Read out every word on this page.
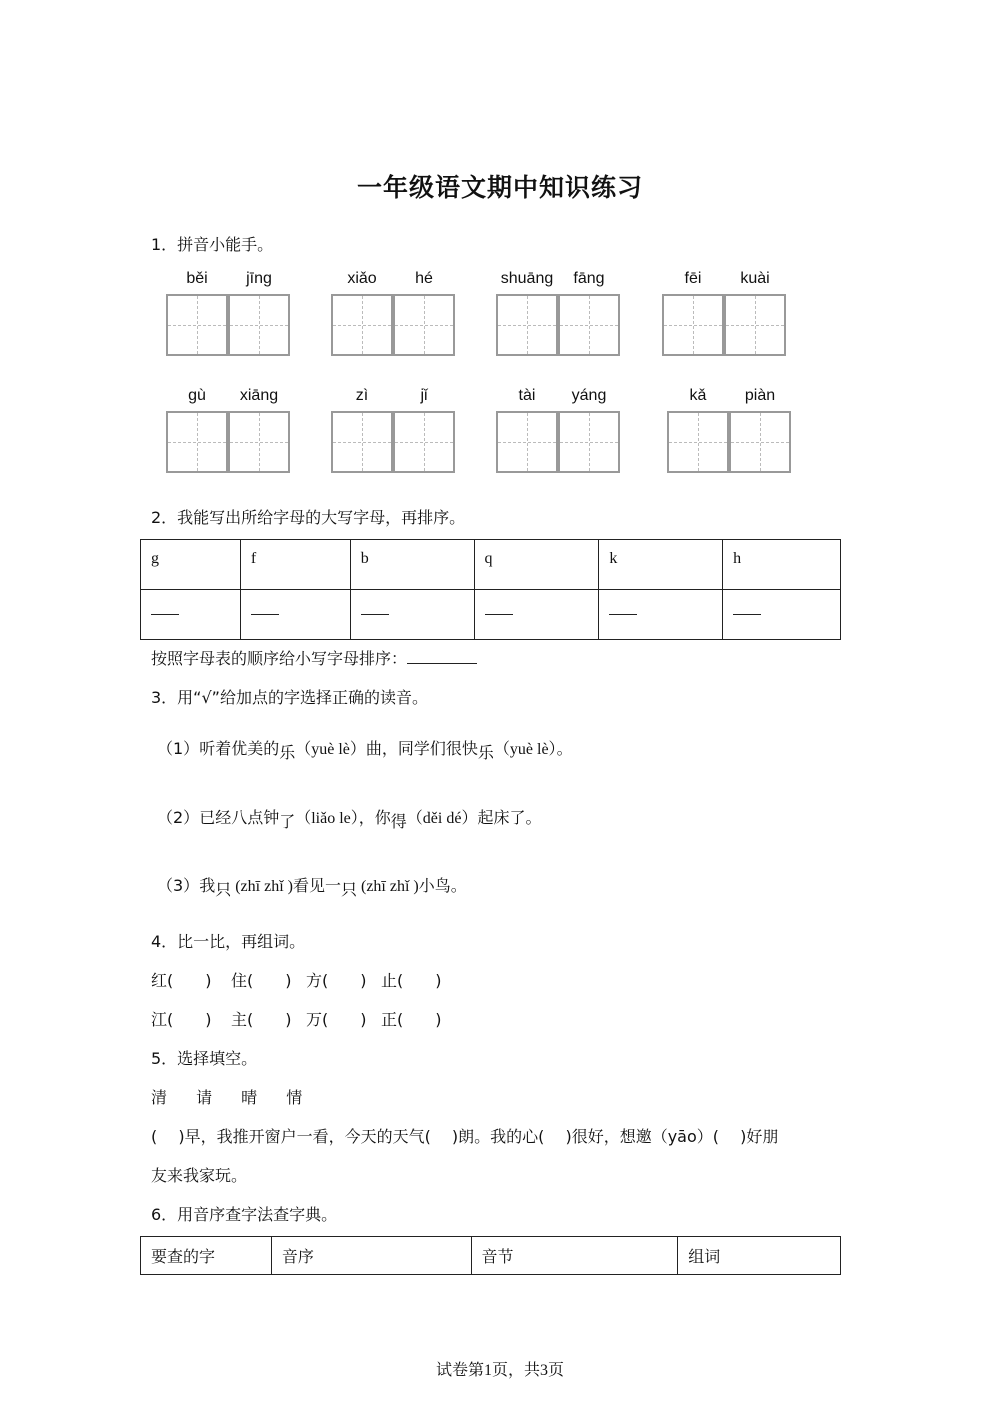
一年级语文期中知识练习
1．拼音小能手。
běi	jīng	xiǎo	hé	shuāng	fāng	fēi	kuài
gù	xiāng	zì	jǐ	tài	yáng	kǎ	piàn
2．我能写出所给字母的大写字母，再排序。
g	f	b	q	k	h

按照字母表的顺序给小写字母排序：
3．用“√”给加点的字选择正确的读音。
（1）听着优美的乐（yuè lè）曲，同学们很快乐（yuè lè）。
（2）已经八点钟了（liǎo le），你得（děi dé）起床了。
（3）我只 (zhī zhǐ )看见一只 (zhī zhǐ )小鸟。
4．比一比，再组词。
红(　　) 住(　　) 方(　　) 止(　　)
江(　　) 主(　　) 万(　　) 正(　　)
5．选择填空。
清　 请　 晴　 情
(　 )早，我推开窗户一看，今天的天气(　 )朗。我的心(　 )很好，想邀（yāo）(　 )好朋
友来我家玩。
6．用音序查字法查字典。
要查的字	音序	音节	组词
试卷第1页，共3页
